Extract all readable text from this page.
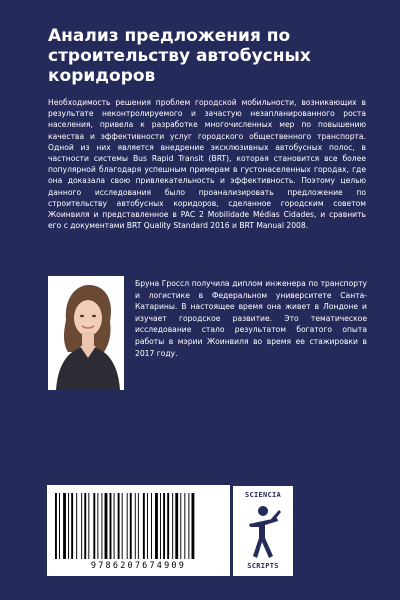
Анализ предложения по строительству автобусных коридоров

Необходимость решения проблем городской мобильности, возникающих в результате неконтролируемого и зачастую незапланированного роста населения, привела к разработке многочисленных мер по повышению качества и эффективности услуг городского общественного транспорта. Одной из них является внедрение эксклюзивных автобусных полос, в частности системы Bus Rapid Transit (BRT), которая становится все более популярной благодаря успешным примерам в густонаселенных городах, где она доказала свою привлекательность и эффективность. Поэтому целью данного исследования было проанализировать предложение по строительству автобусных коридоров, сделанное городским советом Жоинвиля и представленное в PAC 2 Mobilidade Médias Cidades, и сравнить его с документами BRT Quality Standard 2016 и BRT Manual 2008.

Бруна Гроссл получила диплом инженера по транспорту и логистике в Федеральном университете Санта-Катарины. В настоящее время она живет в Лондоне и изучает городское развитие. Это тематическое исследование стало результатом богатого опыта работы в мэрии Жоинвиля во время ее стажировки в 2017 году.

9786207674909
SCIENCIA
SCRIPTS
